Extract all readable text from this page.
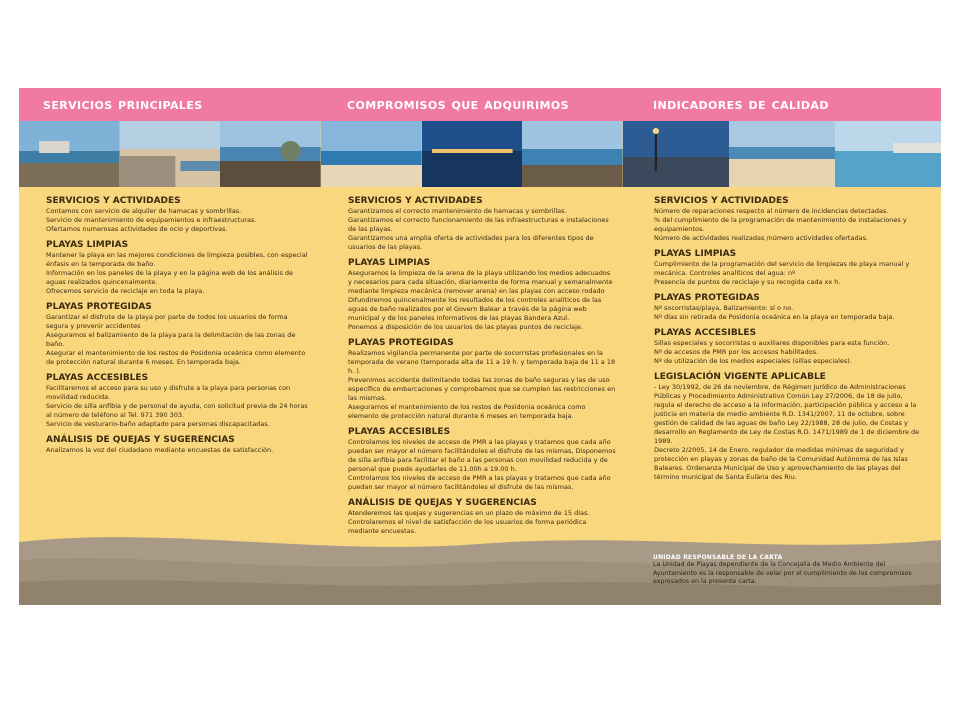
servicios principales	compromisos que adquirimos	indicadores de calidad
SERVICIOS Y ACTIVIDADES
Contamos con servicio de alquiler de hamacas y sombrillas.
Servicio de mantenimiento de equipamientos e infraestructuras.
Ofertamos numerosas actividades de ocio y deportivas.
PLAYAS LIMPIAS
Mantener la playa en las mejores condiciones de limpieza posibles, con especial énfasis en la temporada de baño.
Información en los paneles de la playa y en la página web de los análisis de aguas realizados quincenalmente.
Ofrecemos servicio de reciclaje en toda la playa.
PLAYAS PROTEGIDAS
Garantizar el disfrute de la playa por parte de todos los usuarios de forma segura y prevenir accidentes
Aseguramos el balizamiento de la playa para la delimitación de las zonas de baño.
Asegurar el mantenimiento de los restos de Posidonia oceánica como elemento de protección natural durante 6 meses. En temporada baja.
PLAYAS ACCESIBLES
Facilitaremos el acceso para su uso y disfrute a la playa para personas con movilidad reducida.
Servicio de silla anfibia y de personal de ayuda, con solicitud previa de 24 horas al número de teléfono al Tel. 971 390 303.
Servicio de vesturario-baño adaptado para personas discapacitadas.
ANÁLISIS DE QUEJAS Y SUGERENCIAS
Analizamos la voz del ciudadano mediante encuestas de satisfacción.
SERVICIOS Y ACTIVIDADES
Garantizamos el correcto mantenimiento de hamacas y sombrillas.
Garantizamos el correcto funcionamiento de las infraestructuras e instalaciones de las playas.
Garantizamos una amplia oferta de actividades para los diferentes tipos de usuarios de las playas.
PLAYAS LIMPIAS
Aseguramos la limpieza de la arena de la playa utilizando los medios adecuados y necesarios para cada situación, diariamente de forma manual y semanalmente mediante limpieza mecánica (remover arena) en las playas con acceso rodado
Difundiremos quincenalmente los resultados de los controles analíticos de las aguas de baño realizados por el Govern Balear a través de la página web municipal y de los paneles informativos de las playas Bandera Azul.
Ponemos a disposición de los usuarios de las playas puntos de reciclaje.
PLAYAS PROTEGIDAS
Realizamos vigilancia permanente por parte de socorristas profesionales en la temporada de verano (temporada alta de 11 a 19 h. y temporada baja de 11 a 18 h. ).
Prevenimos accidente delimitando todas las zonas de baño seguras y las de uso específico de embarcaciones y comprobamos que se cumplen las restricciones en las mismas.
Aseguramos el mantenimiento de los restos de Posidonia oceánica como elemento de protección natural durante 6 meses en temporada baja.
PLAYAS ACCESIBLES
Controlamos los niveles de acceso de PMR a las playas y tratamos que cada año puedan ser mayor el número facilitándoles el disfrute de las mismas, Disponemos de silla anfibia para facilitar el baño a las personas con movilidad reducida y de personal que puede ayudarles de 11.00h a 19.00 h.
Controlamos los niveles de acceso de PMR a las playas y tratamos que cada año puedan ser mayor el número facilitándoles el disfrute de las mismas.
ANÁLISIS DE QUEJAS Y SUGERENCIAS
Atenderemos las quejas y sugerencias en un plazo de máximo de 15 días.
Controlaremos el nivel de satisfacción de los usuarios de forma periódica mediante encuestas.
SERVICIOS Y ACTIVIDADES
Número de reparaciones respecto al número de incidencias detectadas.
% del cumplimiento de la programación de mantenimiento de instalaciones y equipamientos.
Número de actividades realizadas /número actividades ofertadas.
PLAYAS LIMPIAS
Cumplimiento de la programación del servicio de limpiezas de playa manual y mecánica. Controles analíticos del agua: nº
Presencia de puntos de reciclaje y su recogida cada xx h.
PLAYAS PROTEGIDAS
Nº socorristas/playa, Balizamiento: sí o no.
Nº días sin retirada de Posidonia oceánica en la playa en temporada baja.
PLAYAS ACCESIBLES
Sillas especiales y socorristas o auxiliares disponibles para esta función.
Nº de accesos de PMR por los accesos habilitados.
Nº de utilización de los medios especiales (sillas especiales).
LEGISLACIÓN VIGENTE APLICABLE
- Ley 30/1992, de 26 de noviembre, de Régimen Jurídico de Administraciones Públicas y Procedimiento Administrativo Común Ley 27/2006, de 18 de julio, regula el derecho de acceso a la información, participación pública y acceso a la justicia en materia de medio ambiente R.D. 1341/2007, 11 de octubre, sobre gestión de calidad de las aguas de baño Ley 22/1988, 28 de julio, de Costas y desarrollo en Reglamento de Ley de Costas R.D. 1471/1989 de 1 de diciembre de 1989.
Decreto 2/2005, 14 de Enero, regulador de medidas mínimas de seguridad y protección en playas y zonas de baño de la Comunidad Autónoma de las Islas Baleares. Ordenanza Municipal de Uso y aprovechamiento de las playas del término municipal de Santa Eulària des Riu.
UNIDAD RESPONSABLE DE LA CARTA
La Unidad de Playas dependiente de la Concejalía de Medio Ambiente del Ayuntamiento es la responsable de velar por el cumplimiento de los compromisos expresados en la presente carta.
